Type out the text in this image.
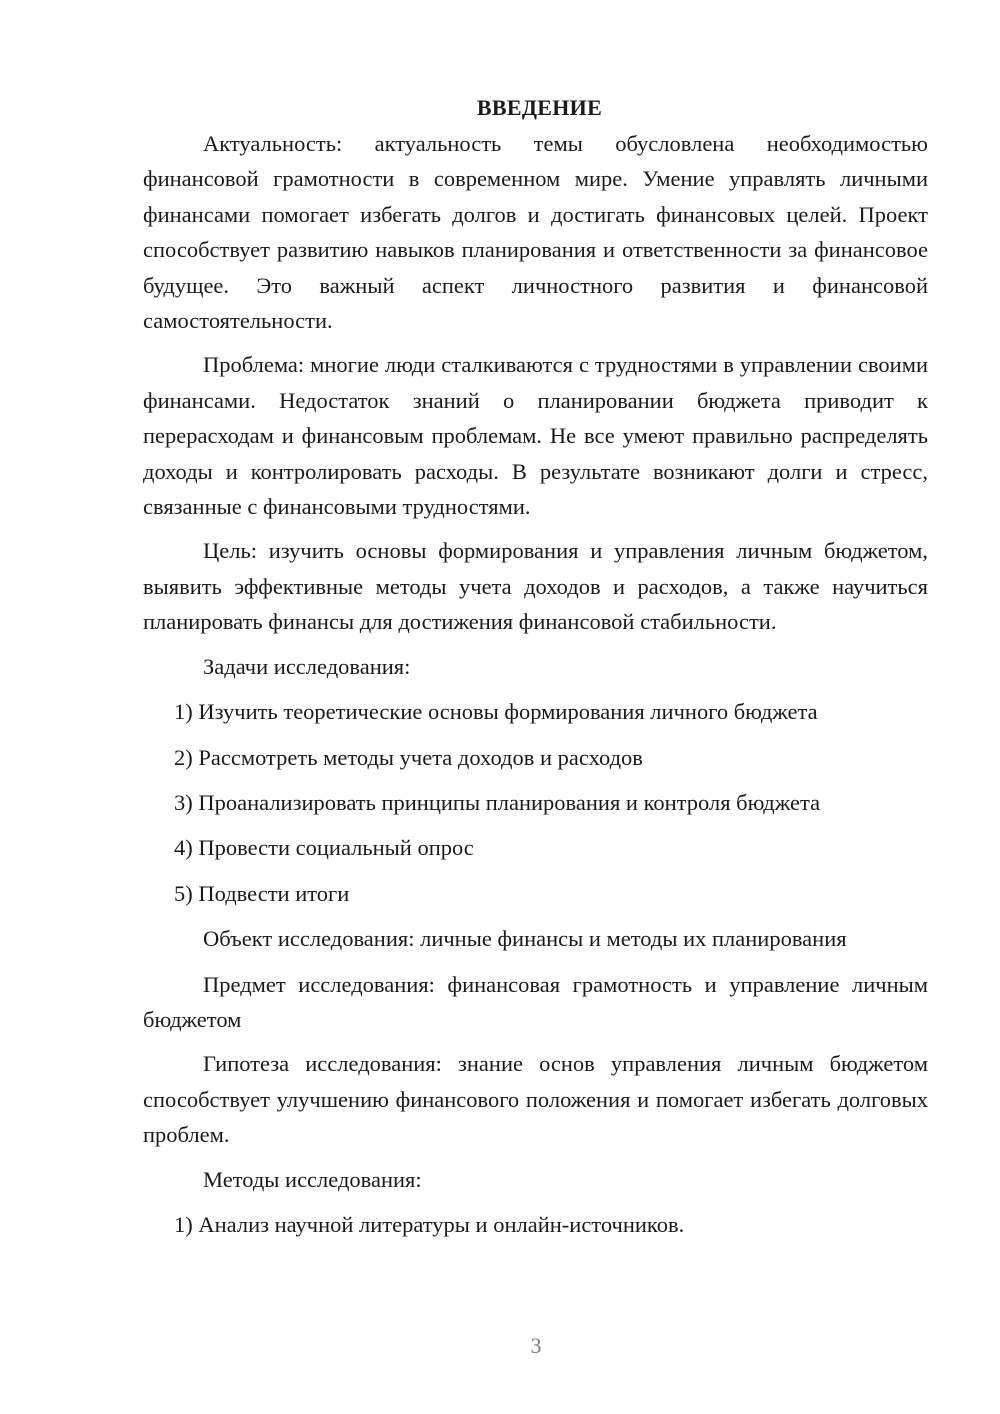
ВВЕДЕНИЕ

Актуальность: актуальность темы обусловлена необходимостью финансовой грамотности в современном мире. Умение управлять личными финансами помогает избегать долгов и достигать финансовых целей. Проект способствует развитию навыков планирования и ответственности за финансовое будущее. Это важный аспект личностного развития и финансовой самостоятельности.

Проблема: многие люди сталкиваются с трудностями в управлении своими финансами. Недостаток знаний о планировании бюджета приводит к перерасходам и финансовым проблемам. Не все умеют правильно распределять доходы и контролировать расходы. В результате возникают долги и стресс, связанные с финансовыми трудностями.

Цель: изучить основы формирования и управления личным бюджетом, выявить эффективные методы учета доходов и расходов, а также научиться планировать финансы для достижения финансовой стабильности.

Задачи исследования:
1) Изучить теоретические основы формирования личного бюджета
2) Рассмотреть методы учета доходов и расходов
3) Проанализировать принципы планирования и контроля бюджета
4) Провести социальный опрос
5) Подвести итоги
Объект исследования: личные финансы и методы их планирования

Предмет исследования: финансовая грамотность и управление личным бюджетом

Гипотеза исследования: знание основ управления личным бюджетом способствует улучшению финансового положения и помогает избегать долговых проблем.

Методы исследования:
1) Анализ научной литературы и онлайн-источников.
3
